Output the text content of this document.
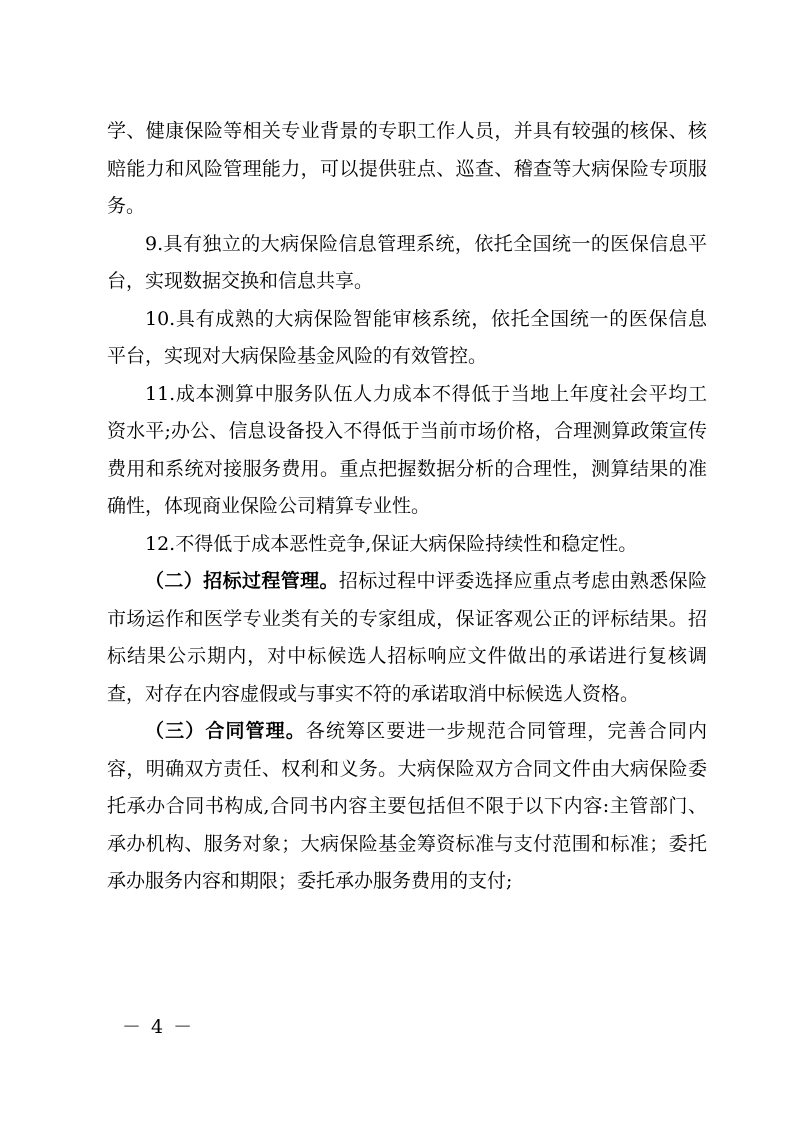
学、健康保险等相关专业背景的专职工作人员，并具有较强的核保、核赔能力和风险管理能力，可以提供驻点、巡查、稽查等大病保险专项服务。

9.具有独立的大病保险信息管理系统，依托全国统一的医保信息平台，实现数据交换和信息共享。

10.具有成熟的大病保险智能审核系统，依托全国统一的医保信息平台，实现对大病保险基金风险的有效管控。

11.成本测算中服务队伍人力成本不得低于当地上年度社会平均工资水平;办公、信息设备投入不得低于当前市场价格，合理测算政策宣传费用和系统对接服务费用。重点把握数据分析的合理性，测算结果的准确性，体现商业保险公司精算专业性。

12.不得低于成本恶性竞争,保证大病保险持续性和稳定性。

（二）招标过程管理。招标过程中评委选择应重点考虑由熟悉保险市场运作和医学专业类有关的专家组成，保证客观公正的评标结果。招标结果公示期内，对中标候选人招标响应文件做出的承诺进行复核调查，对存在内容虚假或与事实不符的承诺取消中标候选人资格。

（三）合同管理。各统筹区要进一步规范合同管理，完善合同内容，明确双方责任、权利和义务。大病保险双方合同文件由大病保险委托承办合同书构成,合同书内容主要包括但不限于以下内容:主管部门、承办机构、服务对象；大病保险基金筹资标准与支付范围和标准；委托承办服务内容和期限；委托承办服务费用的支付;

－ 4 －
